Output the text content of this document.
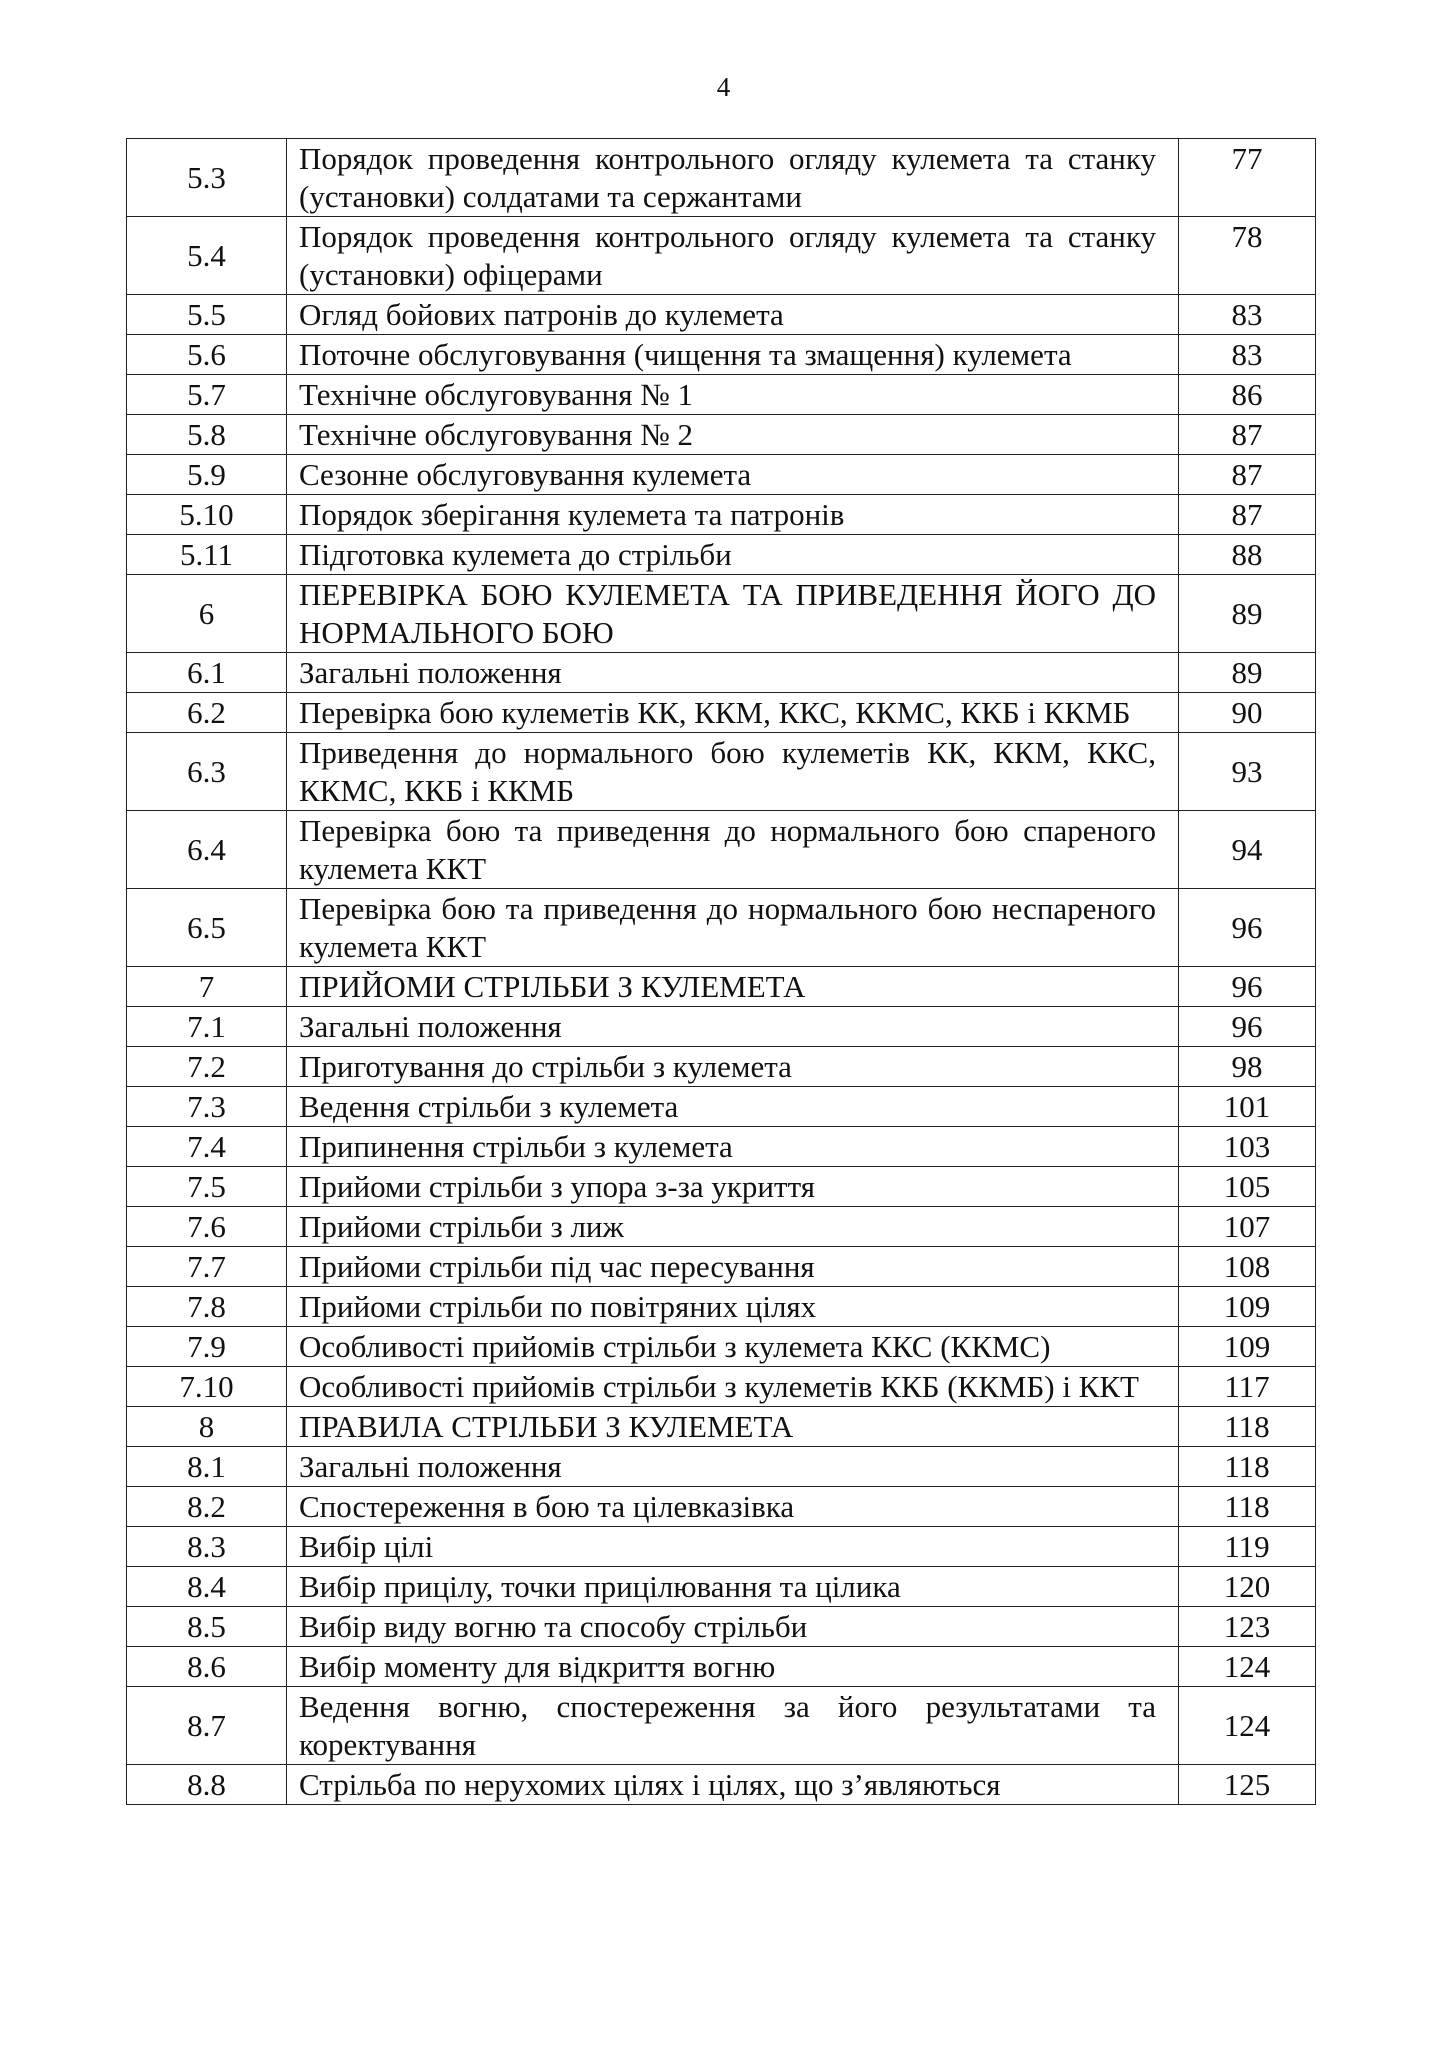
4
5.3	Порядок проведення контрольного огляду кулемета та станку (установки) солдатами та сержантами	77
5.4	Порядок проведення контрольного огляду кулемета та станку (установки) офіцерами	78
5.5	Огляд бойових патронів до кулемета	83
5.6	Поточне обслуговування (чищення та змащення) кулемета	83
5.7	Технічне обслуговування № 1	86
5.8	Технічне обслуговування № 2	87
5.9	Сезонне обслуговування кулемета	87
5.10	Порядок зберігання кулемета та патронів	87
5.11	Підготовка кулемета до стрільби	88
6	ПЕРЕВІРКА БОЮ КУЛЕМЕТА ТА ПРИВЕДЕННЯ ЙОГО ДО НОРМАЛЬНОГО БОЮ	89
6.1	Загальні положення	89
6.2	Перевірка бою кулеметів КК, ККМ, ККС, ККМС, ККБ і ККМБ	90
6.3	Приведення до нормального бою кулеметів КК, ККМ, ККС, ККМС, ККБ і ККМБ	93
6.4	Перевірка бою та приведення до нормального бою спареного кулемета ККТ	94
6.5	Перевірка бою та приведення до нормального бою неспареного кулемета ККТ	96
7	ПРИЙОМИ СТРІЛЬБИ З КУЛЕМЕТА	96
7.1	Загальні положення	96
7.2	Приготування до стрільби з кулемета	98
7.3	Ведення стрільби з кулемета	101
7.4	Припинення стрільби з кулемета	103
7.5	Прийоми стрільби з упора з-за укриття	105
7.6	Прийоми стрільби з лиж	107
7.7	Прийоми стрільби під час пересування	108
7.8	Прийоми стрільби по повітряних цілях	109
7.9	Особливості прийомів стрільби з кулемета ККС (ККМС)	109
7.10	Особливості прийомів стрільби з кулеметів ККБ (ККМБ) і ККТ	117
8	ПРАВИЛА СТРІЛЬБИ З КУЛЕМЕТА	118
8.1	Загальні положення	118
8.2	Спостереження в бою та цілевказівка	118
8.3	Вибір цілі	119
8.4	Вибір прицілу, точки прицілювання та цілика	120
8.5	Вибір виду вогню та способу стрільби	123
8.6	Вибір моменту для відкриття вогню	124
8.7	Ведення вогню, спостереження за його результатами та коректування	124
8.8	Стрільба по нерухомих цілях і цілях, що з’являються	125
